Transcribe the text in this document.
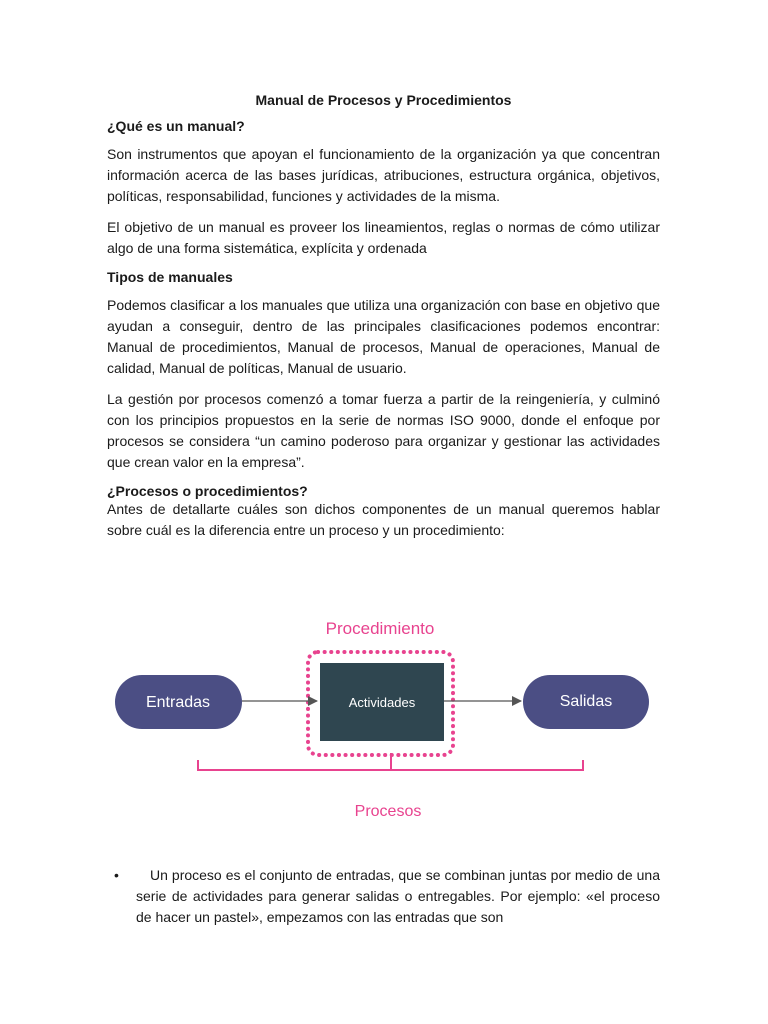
Manual de Procesos y Procedimientos

¿Qué es un manual?

Son instrumentos que apoyan el funcionamiento de la organización ya que concentran información acerca de las bases jurídicas, atribuciones, estructura orgánica, objetivos, políticas, responsabilidad, funciones y actividades de la misma.

El objetivo de un manual es proveer los lineamientos, reglas o normas de cómo utilizar algo de una forma sistemática, explícita y ordenada

Tipos de manuales

Podemos clasificar a los manuales que utiliza una organización con base en objetivo que ayudan a conseguir, dentro de las principales clasificaciones podemos encontrar: Manual de procedimientos, Manual de procesos, Manual de operaciones, Manual de calidad, Manual de políticas, Manual de usuario.

La gestión por procesos comenzó a tomar fuerza a partir de la reingeniería, y culminó con los principios propuestos en la serie de normas ISO 9000, donde el enfoque por procesos se considera “un camino poderoso para organizar y gestionar las actividades que crean valor en la empresa”.

¿Procesos o procedimientos?

Antes de detallarte cuáles son dichos componentes de un manual queremos hablar sobre cuál es la diferencia entre un proceso y un procedimiento:

Procedimiento
Entradas	Actividades	Salidas
Procesos
•	Un proceso es el conjunto de entradas, que se combinan juntas por medio de una serie de actividades para generar salidas o entregables. Por ejemplo: «el proceso de hacer un pastel», empezamos con las entradas que son
